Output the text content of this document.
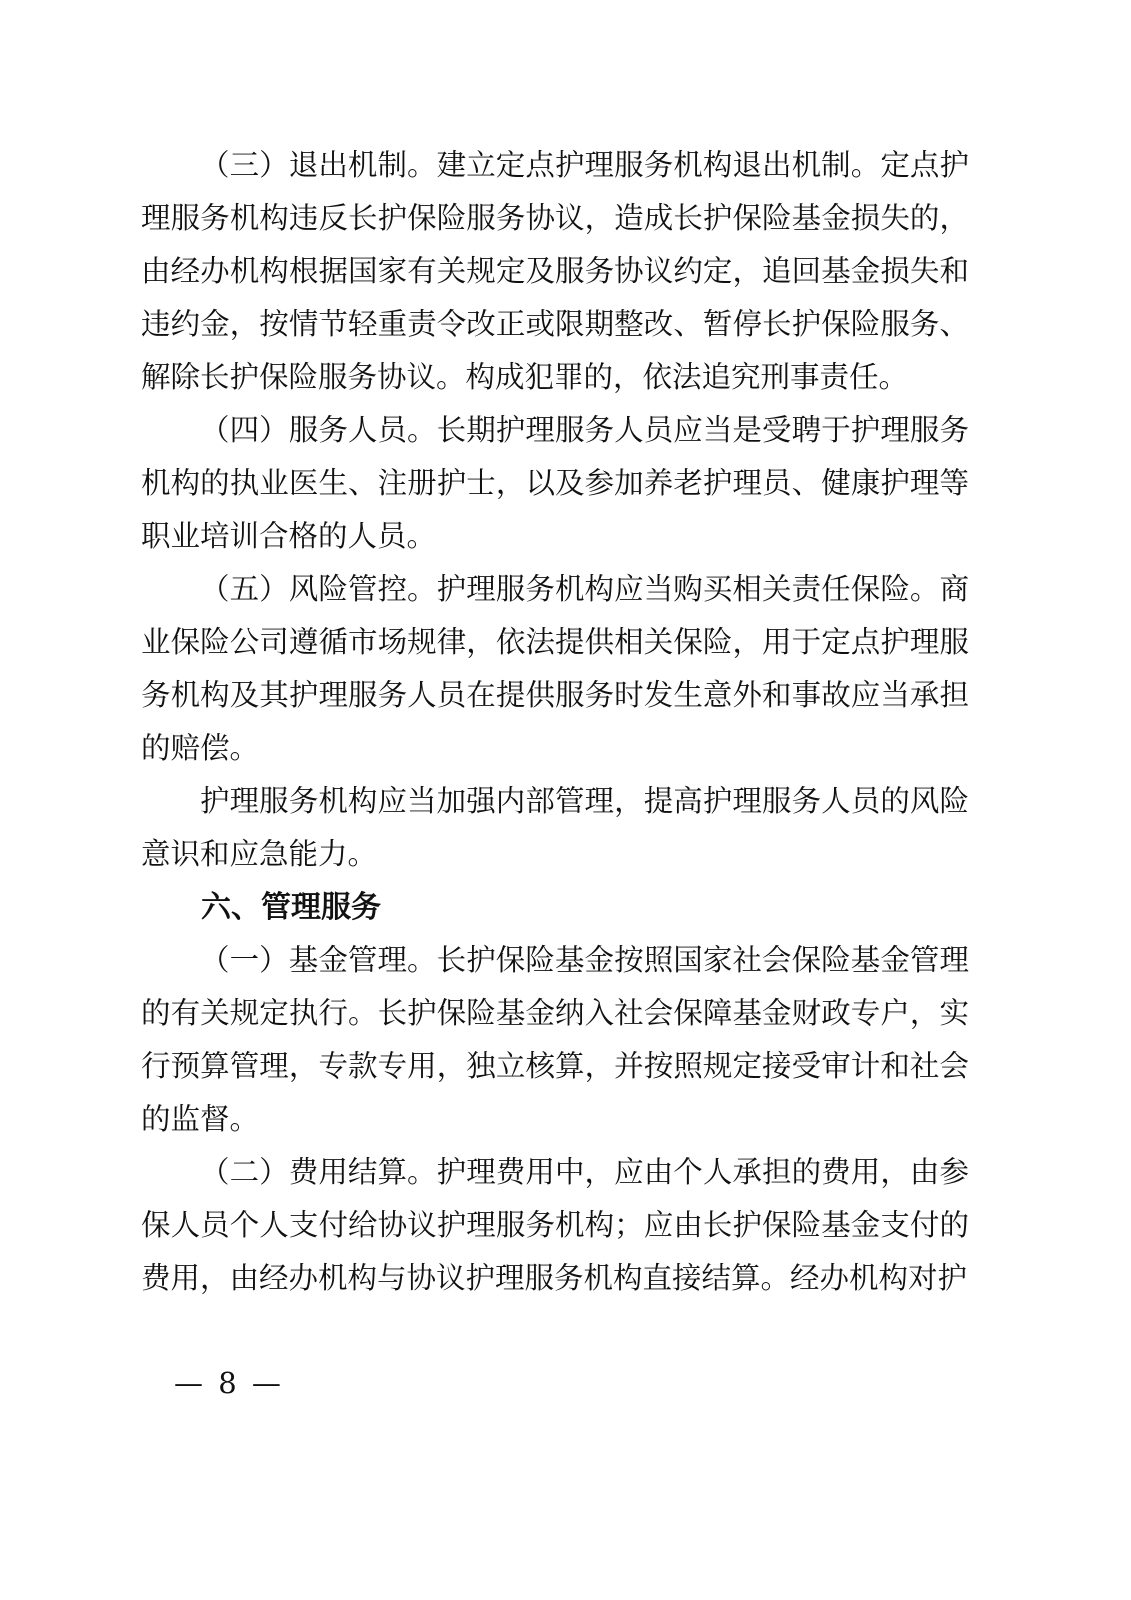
（三）退出机制。建立定点护理服务机构退出机制。定点护理服务机构违反长护保险服务协议，造成长护保险基金损失的，由经办机构根据国家有关规定及服务协议约定，追回基金损失和违约金，按情节轻重责令改正或限期整改、暂停长护保险服务、解除长护保险服务协议。构成犯罪的，依法追究刑事责任。

（四）服务人员。长期护理服务人员应当是受聘于护理服务机构的执业医生、注册护士，以及参加养老护理员、健康护理等职业培训合格的人员。

（五）风险管控。护理服务机构应当购买相关责任保险。商业保险公司遵循市场规律，依法提供相关保险，用于定点护理服务机构及其护理服务人员在提供服务时发生意外和事故应当承担的赔偿。

护理服务机构应当加强内部管理，提高护理服务人员的风险意识和应急能力。

六、管理服务

（一）基金管理。长护保险基金按照国家社会保险基金管理的有关规定执行。长护保险基金纳入社会保障基金财政专户，实行预算管理，专款专用，独立核算，并按照规定接受审计和社会的监督。

（二）费用结算。护理费用中，应由个人承担的费用，由参保人员个人支付给协议护理服务机构；应由长护保险基金支付的费用，由经办机构与协议护理服务机构直接结算。经办机构对护

— 8 —
